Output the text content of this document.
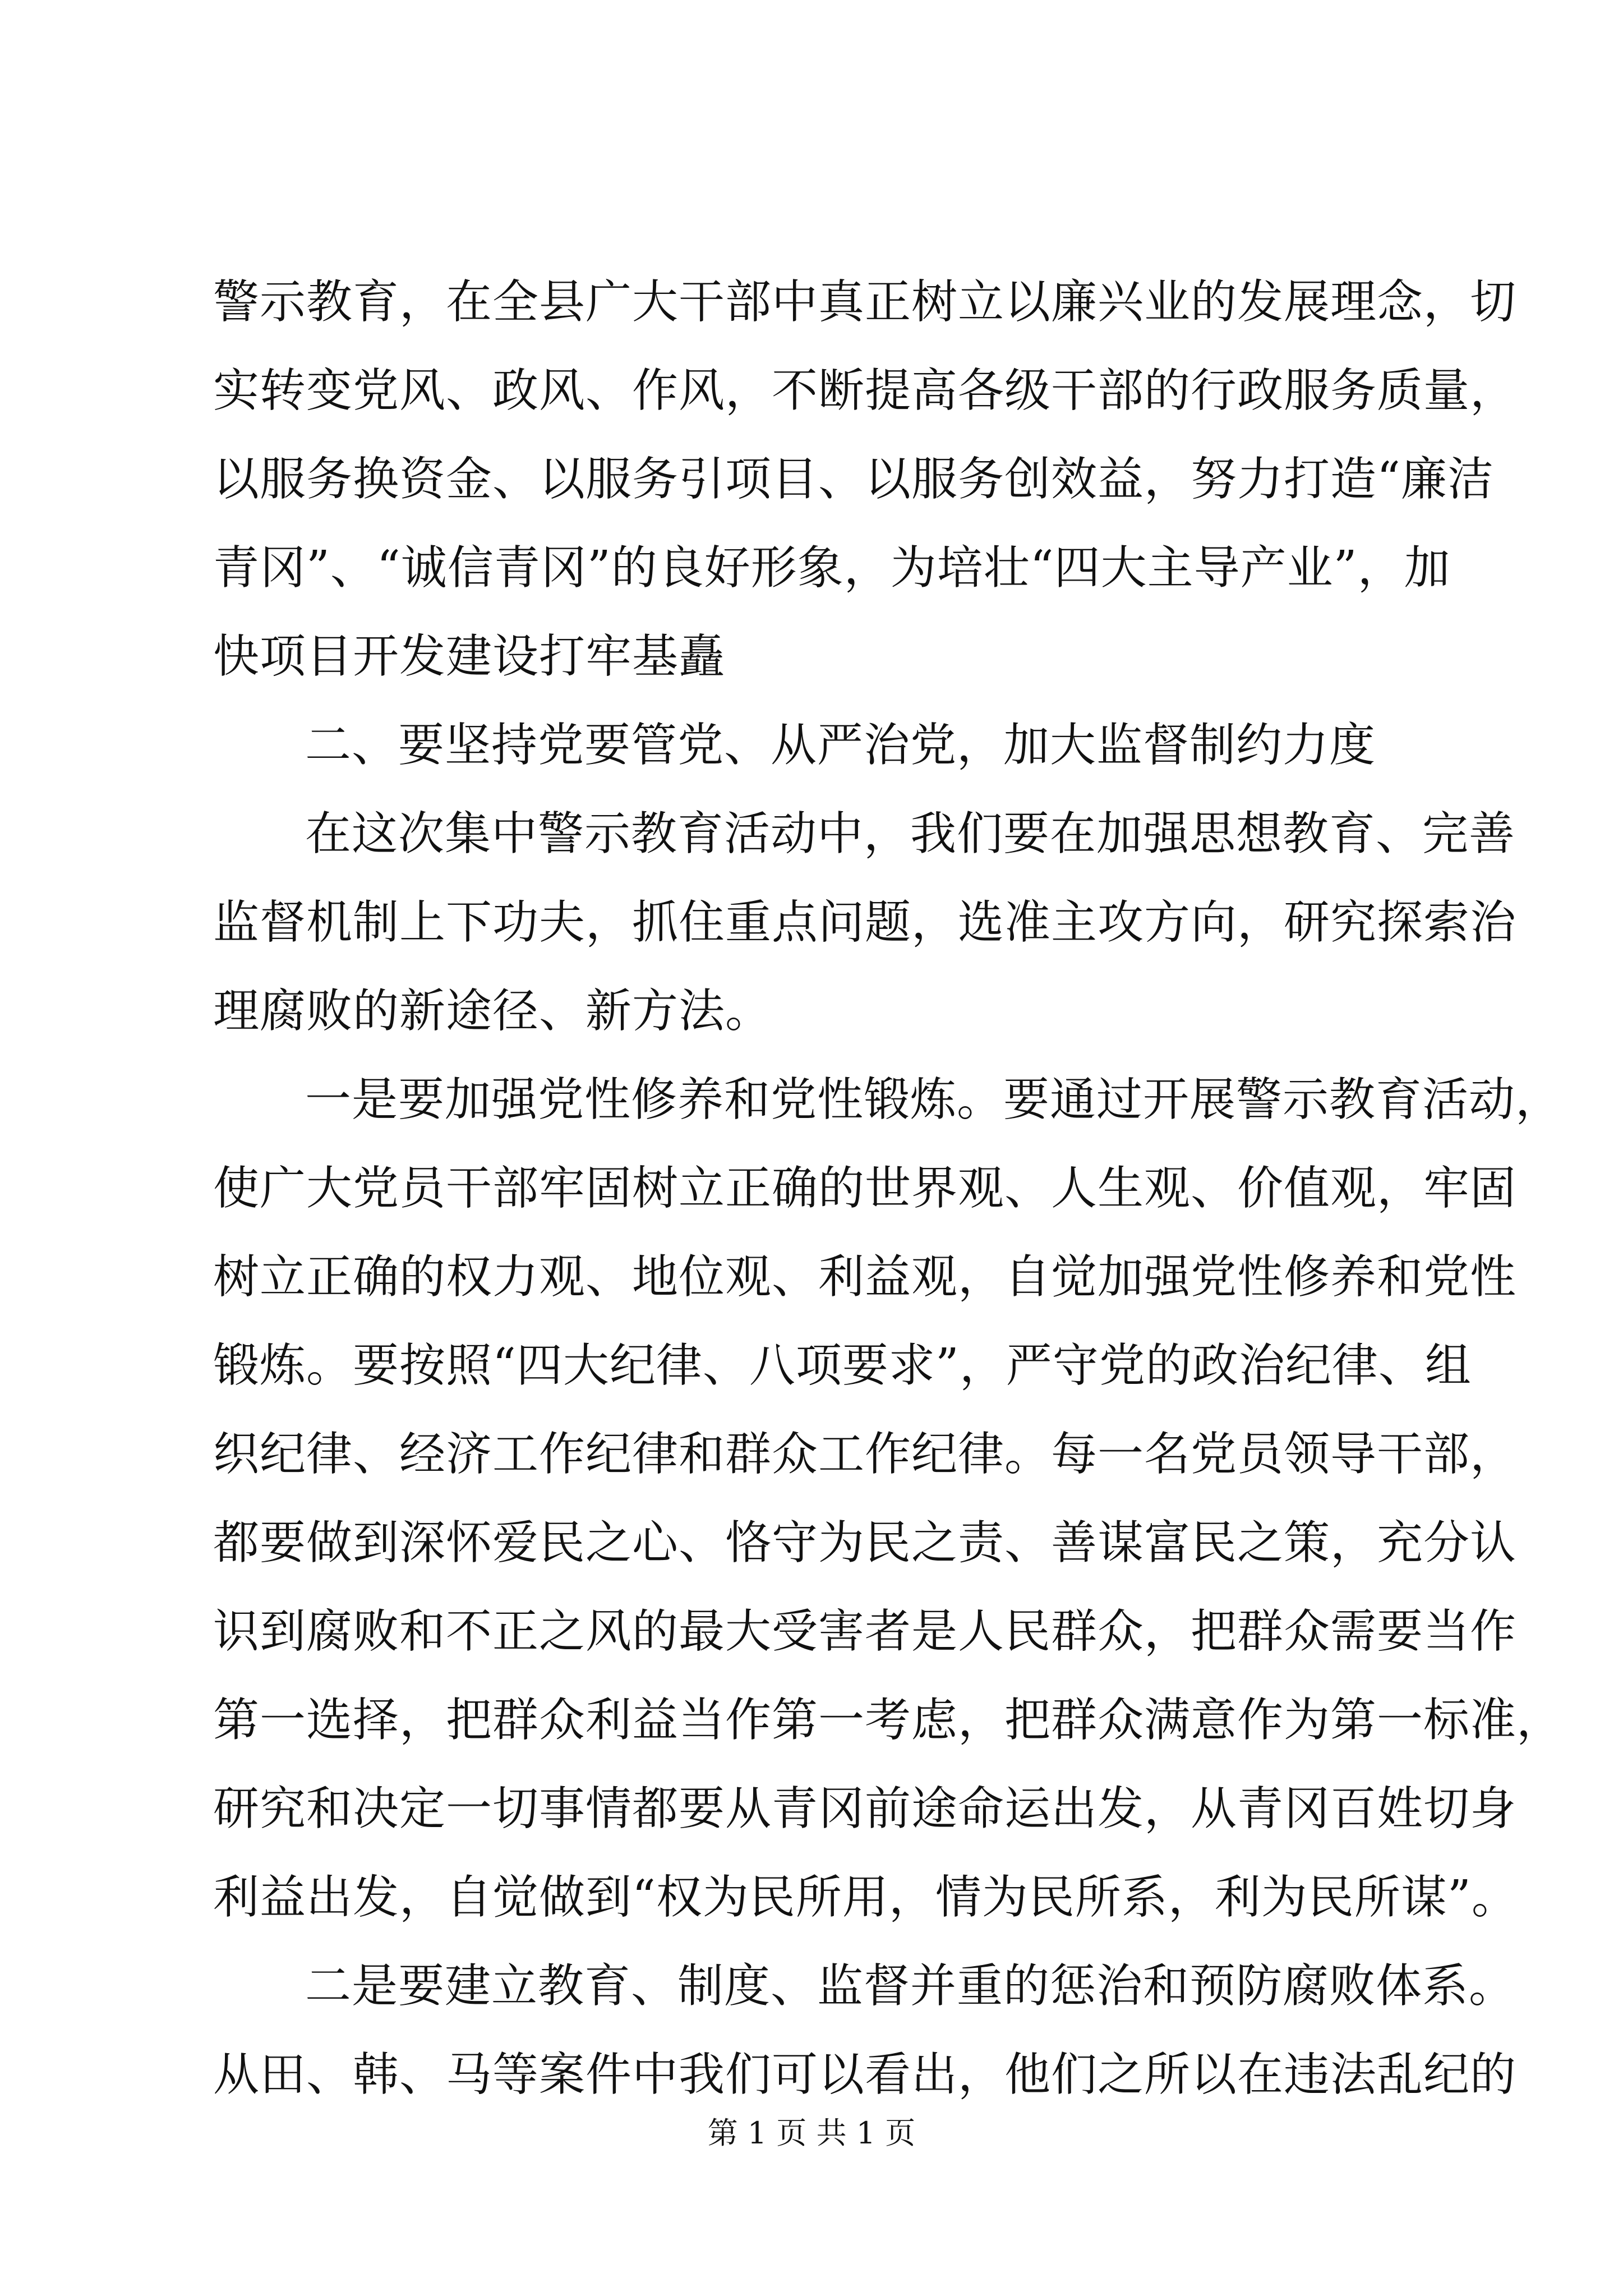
警示教育，在全县广大干部中真正树立以廉兴业的发展理念，切
实转变党风、政风、作风，不断提高各级干部的行政服务质量，
以服务换资金、以服务引项目、以服务创效益，努力打造“廉洁
青冈”、“诚信青冈”的良好形象，为培壮“四大主导产业”，加
快项目开发建设打牢基矗
二、要坚持党要管党、从严治党，加大监督制约力度
在这次集中警示教育活动中，我们要在加强思想教育、完善
监督机制上下功夫，抓住重点问题，选准主攻方向，研究探索治
理腐败的新途径、新方法。
一是要加强党性修养和党性锻炼。要通过开展警示教育活动，
使广大党员干部牢固树立正确的世界观、人生观、价值观，牢固
树立正确的权力观、地位观、利益观，自觉加强党性修养和党性
锻炼。要按照“四大纪律、八项要求”，严守党的政治纪律、组
织纪律、经济工作纪律和群众工作纪律。每一名党员领导干部，
都要做到深怀爱民之心、恪守为民之责、善谋富民之策，充分认
识到腐败和不正之风的最大受害者是人民群众，把群众需要当作
第一选择，把群众利益当作第一考虑，把群众满意作为第一标准，
研究和决定一切事情都要从青冈前途命运出发，从青冈百姓切身
利益出发，自觉做到“权为民所用，情为民所系，利为民所谋”。
二是要建立教育、制度、监督并重的惩治和预防腐败体系。
从田、韩、马等案件中我们可以看出，他们之所以在违法乱纪的
第 1 页 共 1 页
